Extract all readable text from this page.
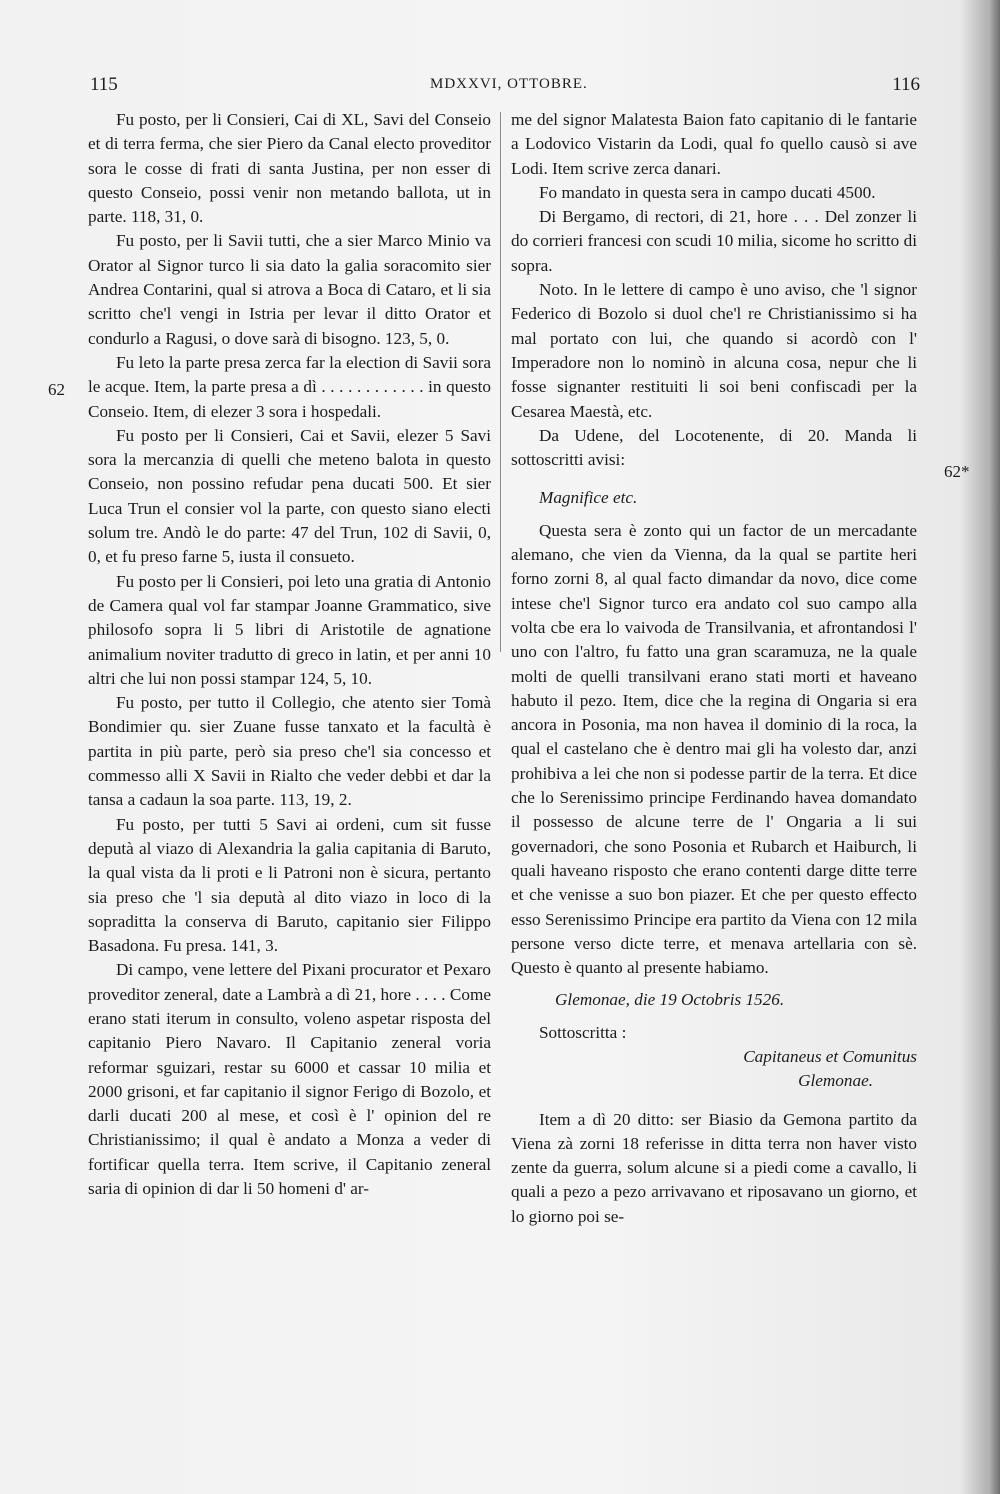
115	MDXXVI, OTTOBRE.	116
62
62*

Fu posto, per li Consieri, Cai di XL, Savi del Conseio et di terra ferma, che sier Piero da Canal electo proveditor sora le cosse di frati di santa Justina, per non esser di questo Conseio, possi venir non metando ballota, ut in parte. 118, 31, 0.

Fu posto, per li Savii tutti, che a sier Marco Minio va Orator al Signor turco li sia dato la galia soracomito sier Andrea Contarini, qual si atrova a Boca di Cataro, et li sia scritto che'l vengi in Istria per levar il ditto Orator et condurlo a Ragusi, o dove sarà di bisogno. 123, 5, 0.

Fu leto la parte presa zerca far la election di Savii sora le acque. Item, la parte presa a dì . . . . . . . . . . . . in questo Conseio. Item, di elezer 3 sora i hospedali.

Fu posto per li Consieri, Cai et Savii, elezer 5 Savi sora la mercanzia di quelli che meteno balota in questo Conseio, non possino refudar pena ducati 500. Et sier Luca Trun el consier vol la parte, con questo siano electi solum tre. Andò le do parte: 47 del Trun, 102 di Savii, 0, 0, et fu preso farne 5, iusta il consueto.

Fu posto per li Consieri, poi leto una gratia di Antonio de Camera qual vol far stampar Joanne Grammatico, sive philosofo sopra li 5 libri di Aristotile de agnatione animalium noviter tradutto di greco in latin, et per anni 10 altri che lui non possi stampar 124, 5, 10.

Fu posto, per tutto il Collegio, che atento sier Tomà Bondimier qu. sier Zuane fusse tanxato et la facultà è partita in più parte, però sia preso che'l sia concesso et commesso alli X Savii in Rialto che veder debbi et dar la tansa a cadaun la soa parte. 113, 19, 2.

Fu posto, per tutti 5 Savi ai ordeni, cum sit fusse deputà al viazo di Alexandria la galia capitania di Baruto, la qual vista da li proti e li Patroni non è sicura, pertanto sia preso che 'l sia deputà al dito viazo in loco di la sopraditta la conserva di Baruto, capitanio sier Filippo Basadona. Fu presa. 141, 3.

Di campo, vene lettere del Pixani procurator et Pexaro proveditor zeneral, date a Lambrà a dì 21, hore . . . . Come erano stati iterum in consulto, voleno aspetar risposta del capitanio Piero Navaro. Il Capitanio zeneral voria reformar sguizari, restar su 6000 et cassar 10 milia et 2000 grisoni, et far capitanio il signor Ferigo di Bozolo, et darli ducati 200 al mese, et così è l' opinion del re Christianissimo; il qual è andato a Monza a veder di fortificar quella terra. Item scrive, il Capitanio zeneral saria di opinion di dar li 50 homeni d' ar-

me del signor Malatesta Baion fato capitanio di le fantarie a Lodovico Vistarin da Lodi, qual fo quello causò si ave Lodi. Item scrive zerca danari.

Fo mandato in questa sera in campo ducati 4500.

Di Bergamo, di rectori, di 21, hore . . . Del zonzer li do corrieri francesi con scudi 10 milia, sicome ho scritto di sopra.

Noto. In le lettere di campo è uno aviso, che 'l signor Federico di Bozolo si duol che'l re Christianissimo si ha mal portato con lui, che quando si acordò con l' Imperadore non lo nominò in alcuna cosa, nepur che li fosse signanter restituiti li soi beni confiscadi per la Cesarea Maestà, etc.

Da Udene, del Locotenente, di 20. Manda li sottoscritti avisi:

Magnifice etc.

Questa sera è zonto qui un factor de un mercadante alemano, che vien da Vienna, da la qual se partite heri forno zorni 8, al qual facto dimandar da novo, dice come intese che'l Signor turco era andato col suo campo alla volta cbe era lo vaivoda de Transilvania, et afrontandosi l' uno con l'altro, fu fatto una gran scaramuza, ne la quale molti de quelli transilvani erano stati morti et haveano habuto il pezo. Item, dice che la regina di Ongaria si era ancora in Posonia, ma non havea il dominio di la roca, la qual el castelano che è dentro mai gli ha volesto dar, anzi prohibiva a lei che non si podesse partir de la terra. Et dice che lo Serenissimo principe Ferdinando havea domandato il possesso de alcune terre de l' Ongaria a li sui governadori, che sono Posonia et Rubarch et Haiburch, li quali haveano risposto che erano contenti darge ditte terre et che venisse a suo bon piazer. Et che per questo effecto esso Serenissimo Principe era partito da Viena con 12 mila persone verso dicte terre, et menava artellaria con sè. Questo è quanto al presente habiamo.

Glemonae, die 19 Octobris 1526.

Sottoscritta :

Capitaneus et Comunitus

Glemonae.

Item a dì 20 ditto: ser Biasio da Gemona partito da Viena zà zorni 18 referisse in ditta terra non haver visto zente da guerra, solum alcune si a piedi come a cavallo, li quali a pezo a pezo arrivavano et riposavano un giorno, et lo giorno poi se-
